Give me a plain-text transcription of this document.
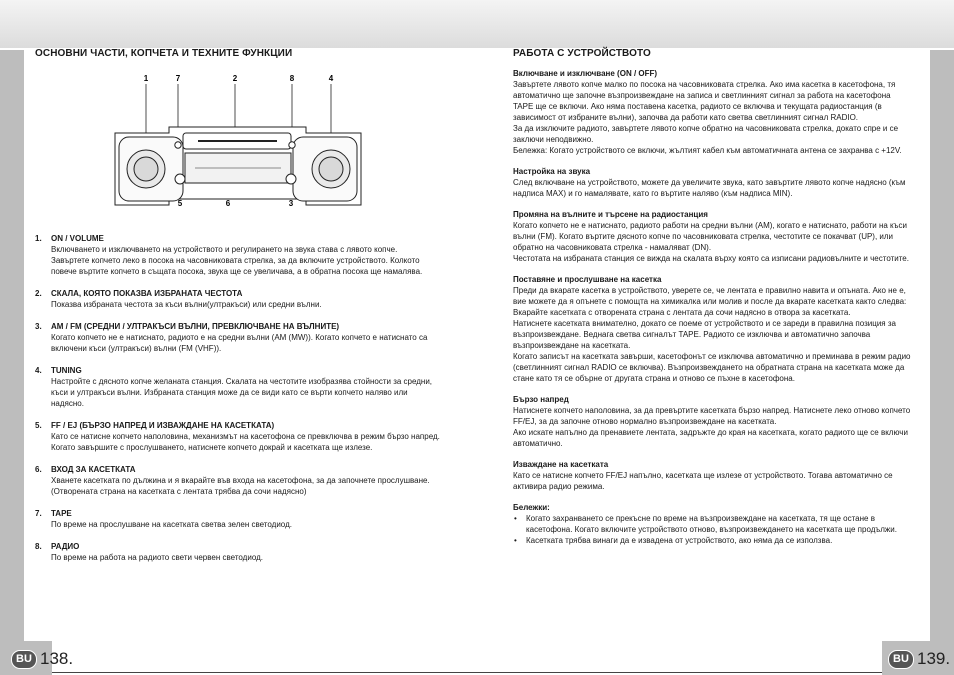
ОСНОВНИ ЧАСТИ, КОПЧЕТА И ТЕХНИТЕ ФУНКЦИИ
1	7	2	8	4
5	6	3
1. ON / VOLUME

Включването и изключването на устройството и регулирането на звука става с лявото копче.
Завъртете копчето леко в посока на часовниковата стрелка, за да включите устройството. Колкото повече въртите копчето в същата посока, звука ще се увеличава, а в обратна посока ще намалява.

2. СКАЛА, КОЯТО ПОКАЗВА ИЗБРАНАТА ЧЕСТОТА

Показва избраната честота за къси вълни(ултракъси) или средни вълни.

3. AM / FM (СРЕДНИ / УЛТРАКЪСИ ВЪЛНИ, ПРЕВКЛЮЧВАНЕ НА ВЪЛНИТЕ)

Когато копчето не е натиснато, радиото е на средни вълни (AM (MW)). Когато копчето е натиснато са включени къси (ултракъси) вълни (FM (VHF)).

4. TUNING

Настройте с дясното копче желаната станция. Скалата на честотите изобразява стойности за средни, къси и ултракъси вълни. Избраната станция може да се види като се върти копчето наляво или надясно.

5. FF / EJ (БЪРЗО НАПРЕД И ИЗВАЖДАНЕ НА КАСЕТКАТА)

Като се натисне копчето наполовина, механизмът на касетофона се превключва в режим бързо напред.
Когато завършите с прослушването, натиснете копчето докрай и касетката ще излезе.

6. ВХОД ЗА КАСЕТКАТА

Хванете касетката по дължина и я вкарайте във входа на касетофона, за да започнете прослушване.
(Отворената страна на касетката с лентата трябва да сочи надясно)

7. TAPE

По време на прослушване на касетката светва зелен светодиод.

8. РАДИО

По време на работа на радиото свети червен светодиод.

РАБОТА С УСТРОЙСТВОТО
Включване и изключване (ON / OFF)

Завъртете лявото копче малко по посока на часовниковата стрелка. Ако има касетка в касетофона, тя автоматично ще започне възпроизвеждане на записа и светлинният сигнал за работа на касетофона TAPE ще се включи. Ако няма поставена касетка, радиото се включва и текущата радиостанция (в зависимост от избраните вълни), започва да работи като светва светлинният сигнал RADIO.
За да изключите радиото, завъртете лявото копче обратно на часовниковата стрелка, докато спре и се заключи неподвижно.
Бележка: Когато устройството се включи, жълтият кабел към автоматичната антена се захранва с +12V.

Настройка на звука

След включване на устройството, можете да увеличите звука, като завъртите лявото копче надясно (към надписа MAX) и го намалявате, като го въртите наляво (към надписа MIN).

Промяна на вълните и търсене на радиостанция

Когато копчето не е натиснато, радиото работи на средни вълни (AM), когато е натиснато, работи на къси вълни (FM). Когато въртите дясното копче по часовниковата стрелка, честотите се покачват (UP), или обратно на часовниковата стрелка - намаляват (DN).
Честотата на избраната станция се вижда на скалата върху която са изписани радиовълните и честотите.

Поставяне и прослушване на касетка

Преди да вкарате касетка в устройството, уверете се, че лентата е правилно навита и опъната. Ако не е, вие можете да я опънете с помощта на химикалка или молив и после да вкарате касетката както следва:
Вкарайте касетката с отворената страна с лентата да сочи надясно в отвора за касетката.
Натиснете касетката внимателно, докато се поеме от устройството и се зареди в правилна позиция за възпроизвеждане. Веднага светва сигналът TAPE. Радиото се изключва и автоматично започва възпроизвеждане на касетката.
Когато записът на касетката завърши, касетофонът се изключва автоматично и преминава в режим радио (светлинният сигнал RADIO се включва). Възпроизвеждането на обратната страна на касетката може да стане като тя се обърне от другата страна и отново се пъхне в касетофона.

Бързо напред

Натиснете копчето наполовина, за да превъртите касетката бързо напред. Натиснете леко отново копчето FF/EJ, за да започне отново нормално възпроизвеждане на касетката.
Ако искате напълно да пренавиете лентата, задръжте до края на касетката, когато радиото ще се включи автоматично.

Изваждане на касетката

Като се натисне копчето FF/EJ напълно, касетката ще излезе от устройството. Тогава автоматично се активира радио режима.

Бележки:
• Когато захранването се прекъсне по време на възпроизвеждане на касетката, тя ще остане в касетофона. Когато включите устройството отново, възпроизвеждането на касетката ще продължи.
• Касетката трябва винаги да е извадена от устройството, ако няма да се използва.
BU 138.	BU 139.
